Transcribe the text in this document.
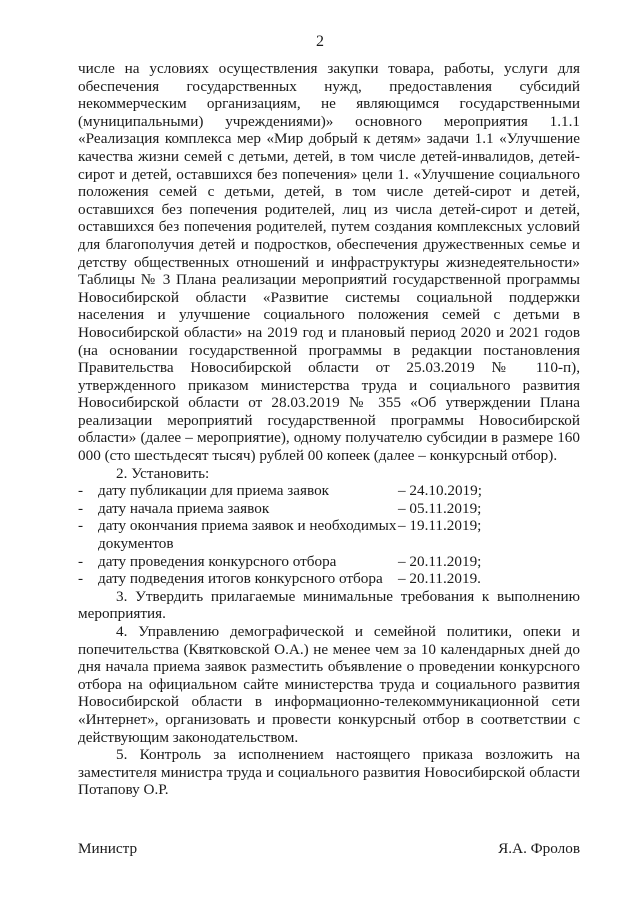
2

числе на условиях осуществления закупки товара, работы, услуги для обеспечения государственных нужд, предоставления субсидий некоммерческим организациям, не являющимся государственными (муниципальными) учреждениями)» основного мероприятия 1.1.1 «Реализация комплекса мер «Мир добрый к детям» задачи 1.1 «Улучшение качества жизни семей с детьми, детей, в том числе детей-инвалидов, детей-сирот и детей, оставшихся без попечения» цели 1. «Улучшение социального положения семей с детьми, детей, в том числе детей-сирот и детей, оставшихся без попечения родителей, лиц из числа детей-сирот и детей, оставшихся без попечения родителей, путем создания комплексных условий для благополучия детей и подростков, обеспечения дружественных семье и детству общественных отношений и инфраструктуры жизнедеятельности» Таблицы № 3 Плана реализации мероприятий государственной программы Новосибирской области «Развитие системы социальной поддержки населения и улучшение социального положения семей с детьми в Новосибирской области» на 2019 год и плановый период 2020 и 2021 годов (на основании государственной программы в редакции постановления Правительства Новосибирской области от 25.03.2019 № 110-п), утвержденного приказом министерства труда и социального развития Новосибирской области от 28.03.2019 № 355 «Об утверждении Плана реализации мероприятий государственной программы Новосибирской области» (далее – мероприятие), одному получателю субсидии в размере 160 000 (сто шестьдесят тысяч) рублей 00 копеек (далее – конкурсный отбор).

2. Установить:

- дату публикации для приема заявок	– 24.10.2019;
- дату начала приема заявок	– 05.11.2019;
- дату окончания приема заявок и необходимых документов
– 19.11.2019;
- дату проведения конкурсного отбора	– 20.11.2019;
- дату подведения итогов конкурсного отбора	– 20.11.2019.

3. Утвердить прилагаемые минимальные требования к выполнению мероприятия.

4. Управлению демографической и семейной политики, опеки и попечительства (Квятковской О.А.) не менее чем за 10 календарных дней до дня начала приема заявок разместить объявление о проведении конкурсного отбора на официальном сайте министерства труда и социального развития Новосибирской области в информационно-телекоммуникационной сети «Интернет», организовать и провести конкурсный отбор в соответствии с действующим законодательством.

5. Контроль за исполнением настоящего приказа возложить на заместителя министра труда и социального развития Новосибирской области Потапову О.Р.

Министр	Я.А. Фролов
